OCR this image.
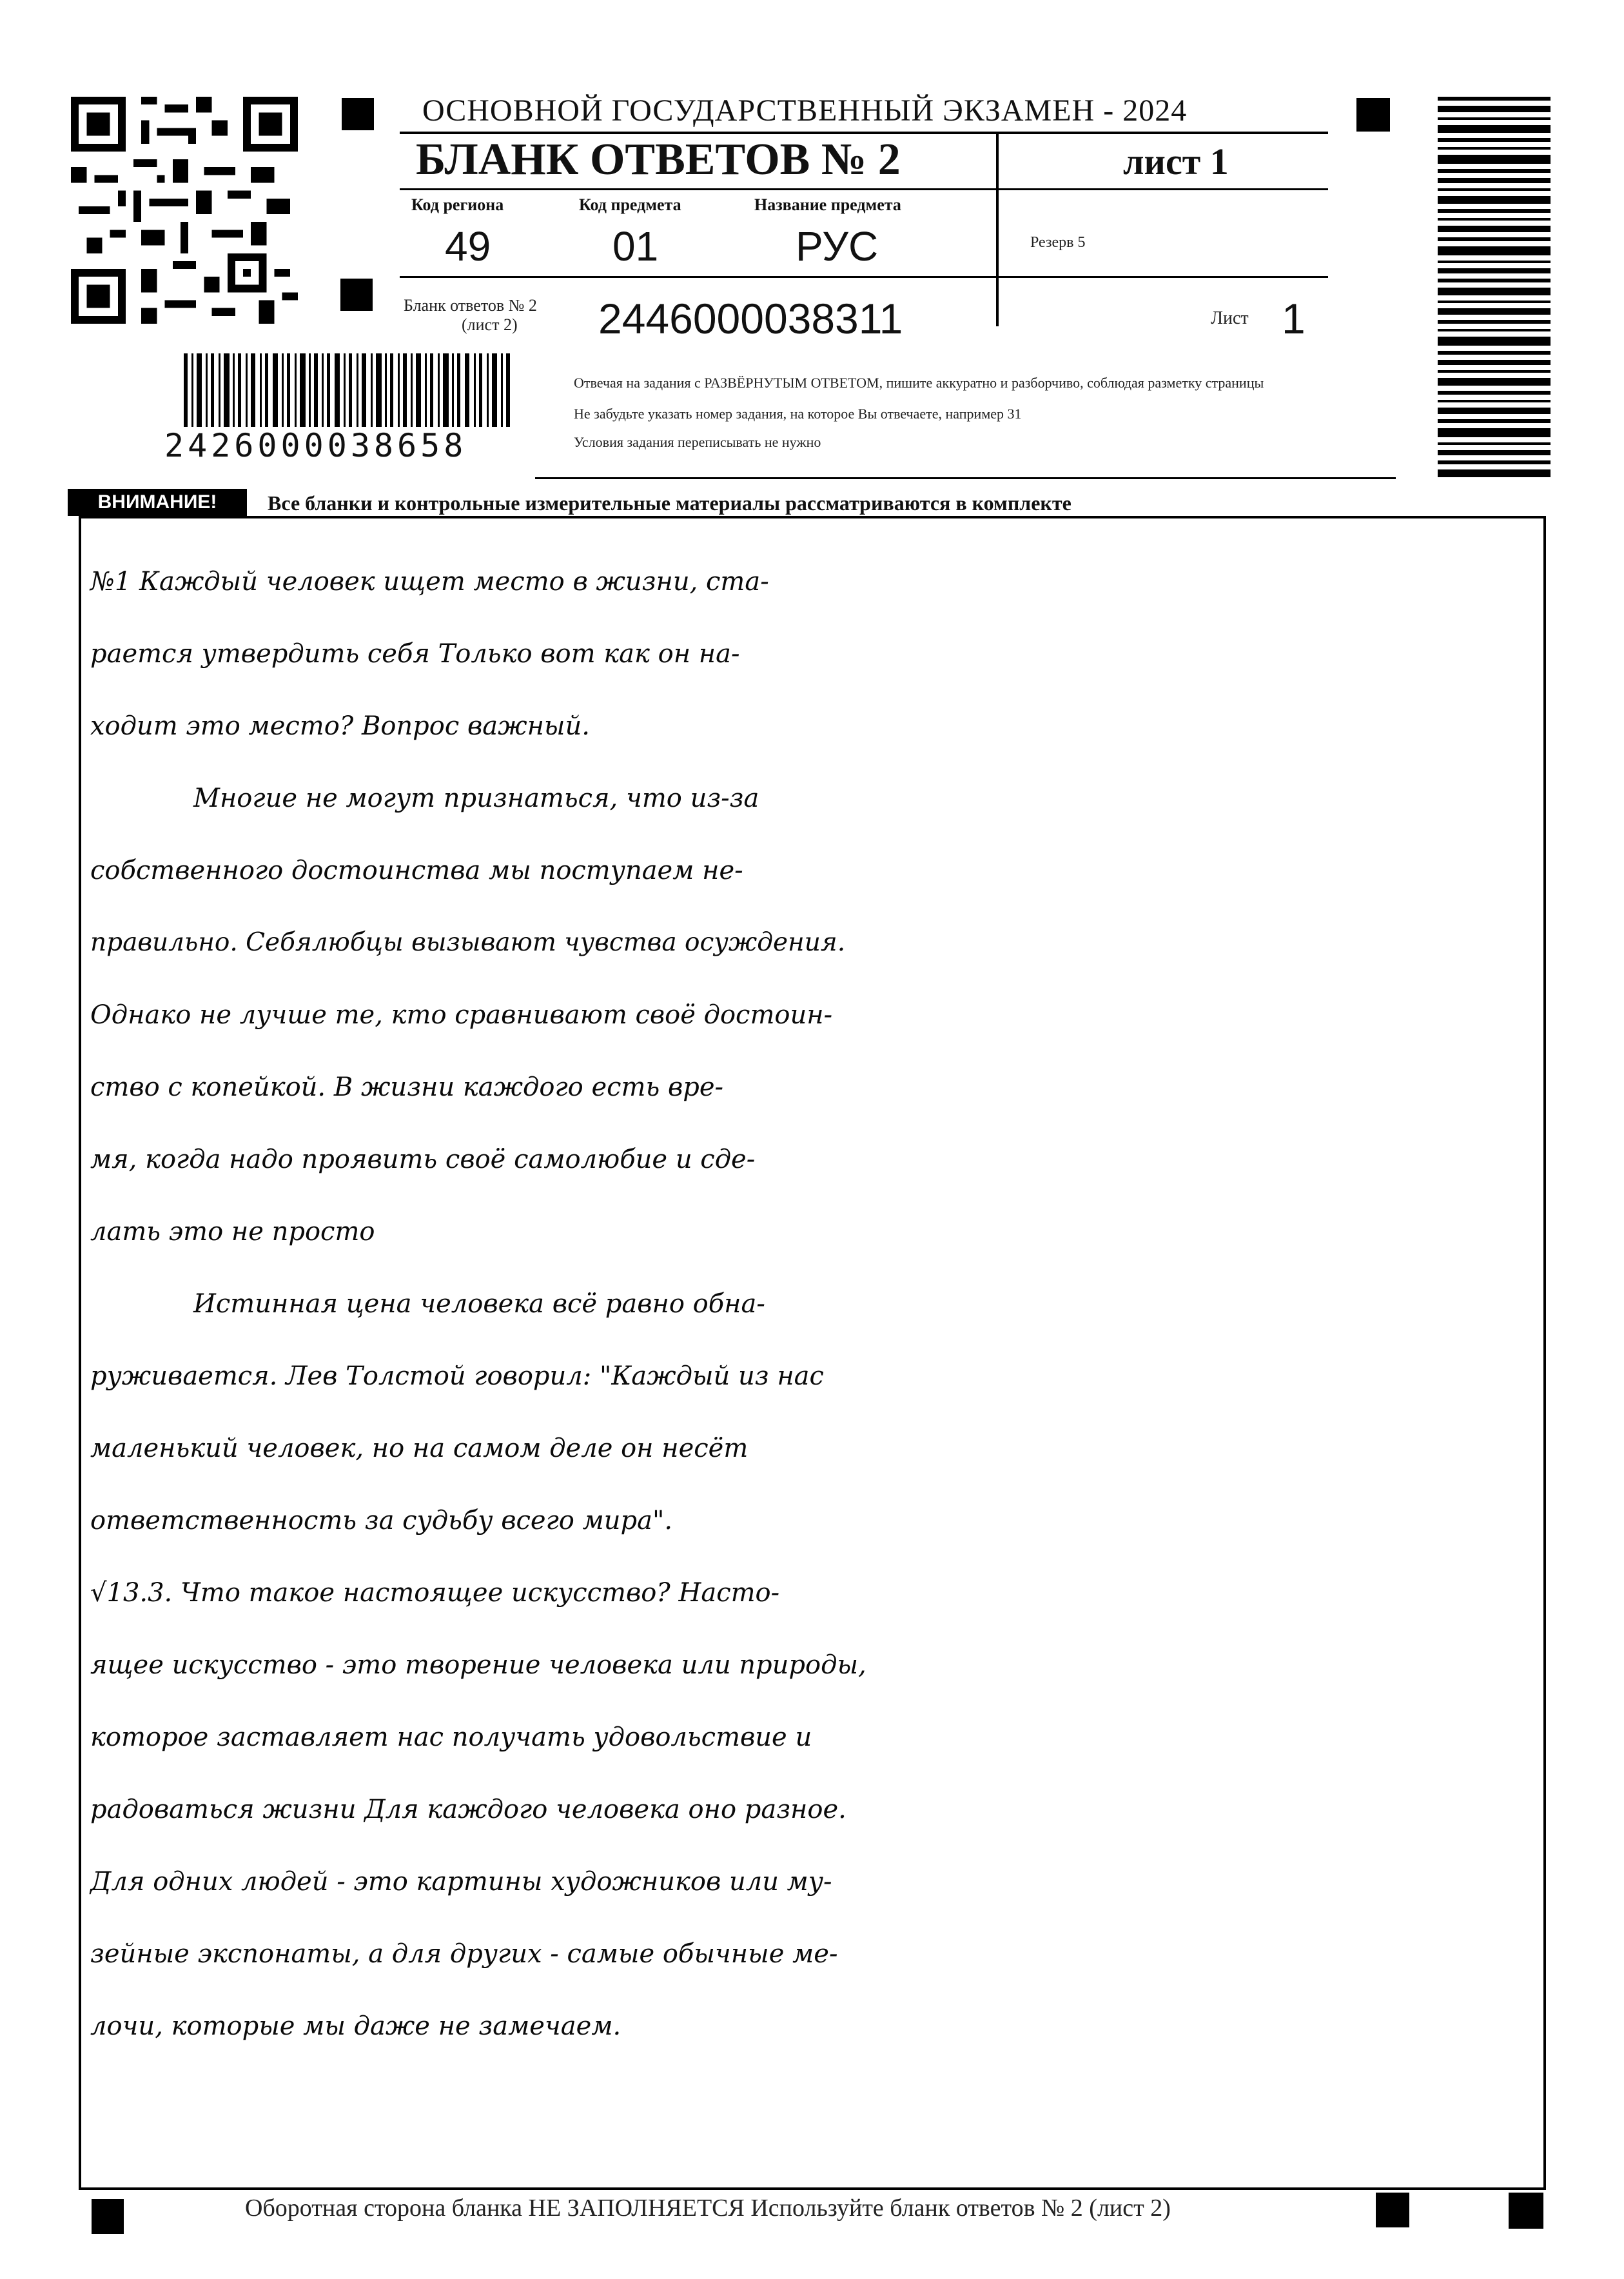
2426000038658
ОСНОВНОЙ ГОСУДАРСТВЕННЫЙ ЭКЗАМЕН - 2024
БЛАНК ОТВЕТОВ № 2	лист 1
Код региона	Код предмета	Название предмета
49	01	РУС	Резерв 5
Бланк ответов № 2
(лист 2) 2446000038311	Лист 1
Отвечая на задания с РАЗВЁРНУТЫМ ОТВЕТОМ, пишите аккуратно и разборчиво, соблюдая разметку страницы
Не забудьте указать номер задания, на которое Вы отвечаете, например 31
Условия задания переписывать не нужно
ВНИМАНИЕ!	Все бланки и контрольные измерительные материалы рассматриваются в комплекте
№1 Каждый человек ищет место в жизни, ста-
рается утвердить себя Только вот как он на-
ходит это место? Вопрос важный.
Многие не могут признаться, что из-за
собственного достоинства мы поступаем не-
правильно. Себялюбцы вызывают чувства осуждения.
Однако не лучше те, кто сравнивают своё достоин-
ство с копейкой. В жизни каждого есть вре-
мя, когда надо проявить своё самолюбие и сде-
лать это не просто
Истинная цена человека всё равно обна-
руживается. Лев Толстой говорил: "Каждый из нас
маленький человек, но на самом деле он несёт
ответственность за судьбу всего мира".
√13.3. Что такое настоящее искусство? Насто-
ящее искусство - это творение человека или природы,
которое заставляет нас получать удовольствие и
радоваться жизни Для каждого человека оно разное.
Для одних людей - это картины художников или му-
зейные экспонаты, а для других - самые обычные ме-
лочи, которые мы даже не замечаем.
Оборотная сторона бланка НЕ ЗАПОЛНЯЕТСЯ Используйте бланк ответов № 2 (лист 2)
